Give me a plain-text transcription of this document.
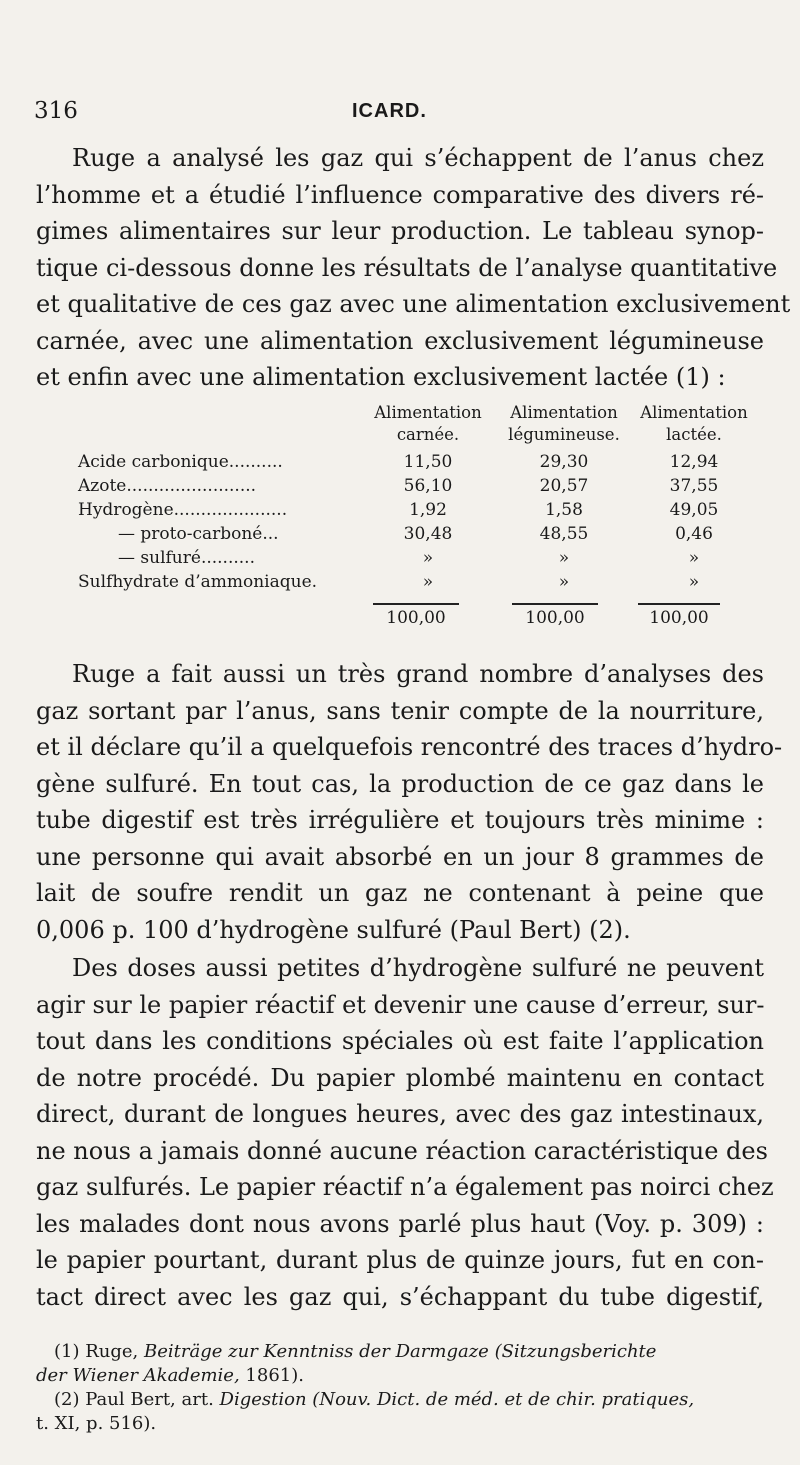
316	ICARD.

Ruge a analysé les gaz qui s’échappent de l’anus chez
l’homme et a étudié l’influence comparative des divers ré-
gimes alimentaires sur leur production. Le tableau synop-
tique ci-dessous donne les résultats de l’analyse quantitative
et qualitative de ces gaz avec une alimentation exclusivement
carnée, avec une alimentation exclusivement légumineuse
et enfin avec une alimentation exclusivement lactée (1) :

Alimentation
carnée.
Alimentation
légumineuse.
Alimentation
lactée.
Acide carbonique..........	11,50	29,30	12,94
Azote........................	56,10	20,57	37,55
Hydrogène.....................	1,92	1,58	49,05
— proto-carboné...	30,48	48,55	0,46
— sulfuré..........	»	»	»
Sulfhydrate d’ammoniaque.	»	»	»
100,00	100,00	100,00

Ruge a fait aussi un très grand nombre d’analyses des
gaz sortant par l’anus, sans tenir compte de la nourriture,
et il déclare qu’il a quelquefois rencontré des traces d’hydro-
gène sulfuré. En tout cas, la production de ce gaz dans le
tube digestif est très irrégulière et toujours très minime :
une personne qui avait absorbé en un jour 8 grammes de
lait de soufre rendit un gaz ne contenant à peine que
0,006 p. 100 d’hydrogène sulfuré (Paul Bert) (2).

Des doses aussi petites d’hydrogène sulfuré ne peuvent
agir sur le papier réactif et devenir une cause d’erreur, sur-
tout dans les conditions spéciales où est faite l’application
de notre procédé. Du papier plombé maintenu en contact
direct, durant de longues heures, avec des gaz intestinaux,
ne nous a jamais donné aucune réaction caractéristique des
gaz sulfurés. Le papier réactif n’a également pas noirci chez
les malades dont nous avons parlé plus haut (Voy. p. 309) :
le papier pourtant, durant plus de quinze jours, fut en con-
tact direct avec les gaz qui, s’échappant du tube digestif,

(1) Ruge, Beiträge zur Kenntniss der Darmgaze (Sitzungsberichte
der Wiener Akademie, 1861).

(2) Paul Bert, art. Digestion (Nouv. Dict. de méd. et de chir. pratiques,
t. XI, p. 516).
